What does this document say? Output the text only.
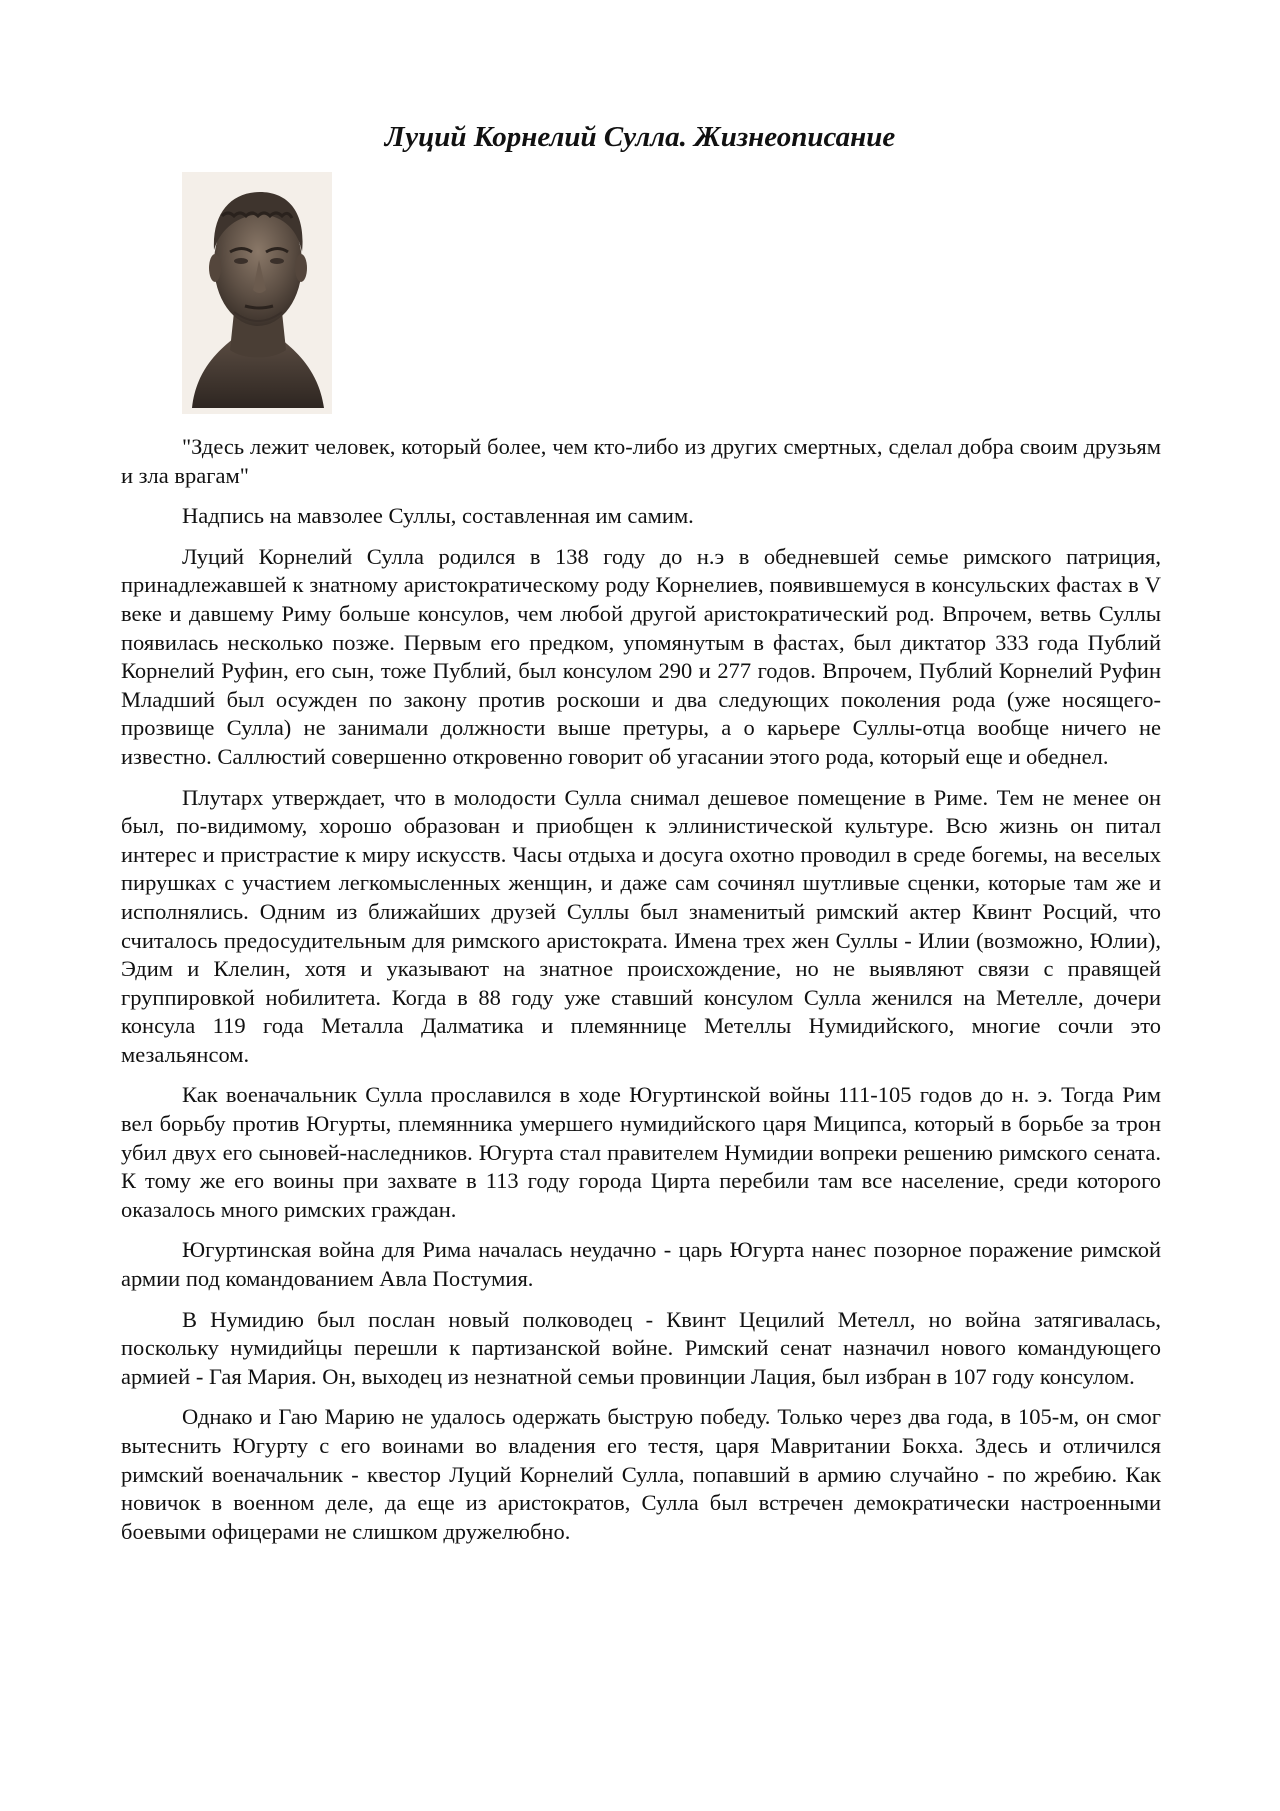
Луций Корнелий Сулла. Жизнеописание

"Здесь лежит человек, который более, чем кто-либо из других смертных, сделал добра своим друзьям и зла врагам"

Надпись на мавзолее Суллы, составленная им самим.

Луций Корнелий Сулла родился в 138 году до н.э в обедневшей семье римского патриция, принадлежавшей к знатному аристократическому роду Корнелиев, появившемуся в консульских фастах в V веке и давшему Риму больше консулов, чем любой другой аристократический род. Впрочем, ветвь Суллы появилась несколько позже. Первым его предком, упомянутым в фастах, был диктатор 333 года Публий Корнелий Руфин, его сын, тоже Публий, был консулом 290 и 277 годов. Впрочем, Публий Корнелий Руфин Младший был осужден по закону против роскоши и два следующих поколения рода (уже носящего-прозвище Сулла) не занимали должности выше претуры, а о карьере Суллы-отца вообще ничего не известно. Саллюстий совершенно откровенно говорит об угасании этого рода, который еще и обеднел.

Плутарх утверждает, что в молодости Сулла снимал дешевое помещение в Риме. Тем не менее он был, по-видимому, хорошо образован и приобщен к эллинистической культуре. Всю жизнь он питал интерес и пристрастие к миру искусств. Часы отдыха и досуга охотно проводил в среде богемы, на веселых пирушках с участием легкомысленных женщин, и даже сам сочинял шутливые сценки, которые там же и исполнялись. Одним из ближайших друзей Суллы был знаменитый римский актер Квинт Росций, что считалось предосудительным для римского аристократа. Имена трех жен Суллы - Илии (возможно, Юлии), Эдим и Клелин, хотя и указывают на знатное происхождение, но не выявляют связи с правящей группировкой нобилитета. Когда в 88 году уже ставший консулом Сулла женился на Метелле, дочери консула 119 года Металла Далматика и племяннице Метеллы Нумидийского, многие сочли это мезальянсом.

Как военачальник Сулла прославился в ходе Югуртинской войны 111-105 годов до н. э. Тогда Рим вел борьбу против Югурты, племянника умершего нумидийского царя Миципса, который в борьбе за трон убил двух его сыновей-наследников. Югурта стал правителем Нумидии вопреки решению римского сената. К тому же его воины при захвате в 113 году города Цирта перебили там все население, среди которого оказалось много римских граждан.

Югуртинская война для Рима началась неудачно - царь Югурта нанес позорное поражение римской армии под командованием Авла Постумия.

В Нумидию был послан новый полководец - Квинт Цецилий Метелл, но война затягивалась, поскольку нумидийцы перешли к партизанской войне. Римский сенат назначил нового командующего армией - Гая Мария. Он, выходец из незнатной семьи провинции Лация, был избран в 107 году консулом.

Однако и Гаю Марию не удалось одержать быструю победу. Только через два года, в 105-м, он смог вытеснить Югурту с его воинами во владения его тестя, царя Мавритании Бокха. Здесь и отличился римский военачальник - квестор Луций Корнелий Сулла, попавший в армию случайно - по жребию. Как новичок в военном деле, да еще из аристократов, Сулла был встречен демократически настроенными боевыми офицерами не слишком дружелюбно.
